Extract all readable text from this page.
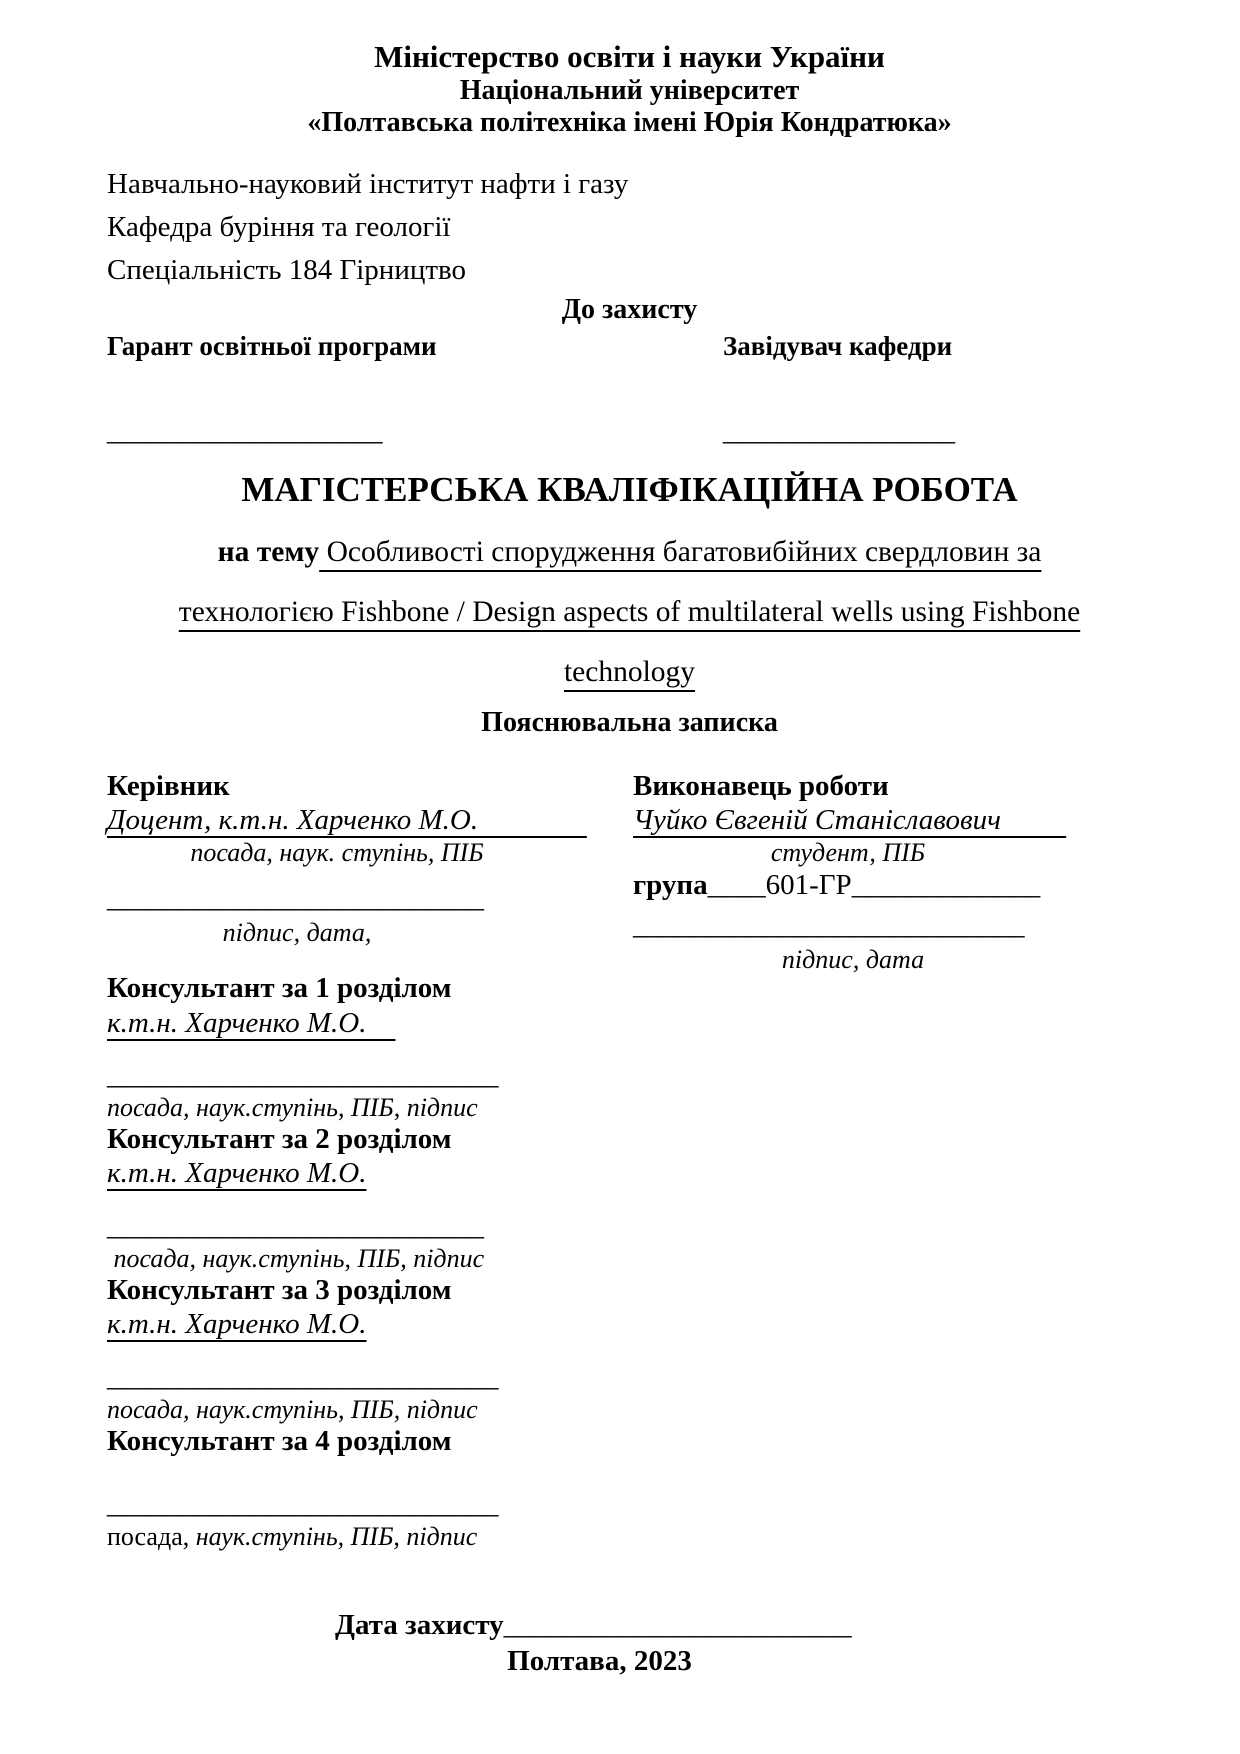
Міністерство освіти і науки України
Національний університет
«Полтавська політехніка імені Юрія Кондратюка»
Навчально-науковий інститут нафти і газу
Кафедра буріння та геології
Спеціальність 184 Гірництво
До захисту
Гарант освітньої програми	Завідувач кафедри
___________________	________________
МАГІСТЕРСЬКА КВАЛІФІКАЦІЙНА РОБОТА
на тему Особливості спорудження багатовибійних свердловин за
технологією Fishbone / Design aspects of multilateral wells using Fishbone
technology
Пояснювальна записка
Керівник
Доцент, к.т.н. Харченко М.О.
посада, наук. ступінь, ПІБ
__________________________
підпис, дата,
Консультант за 1 розділом
к.т.н. Харченко М.О.
___________________________
посада, наук.ступінь, ПІБ, підпис
Консультант за 2 розділом
к.т.н. Харченко М.О.
__________________________
посада, наук.ступінь, ПІБ, підпис
Консультант за 3 розділом
к.т.н. Харченко М.О.
___________________________
посада, наук.ступінь, ПІБ, підпис
Консультант за 4 розділом
___________________________
посада, наук.ступінь, ПІБ, підпис
Виконавець роботи
Чуйко Євгеній Станіславович
студент, ПІБ
група____601-ГР_____________
___________________________
підпис, дата
Дата захисту________________________
Полтава, 2023
